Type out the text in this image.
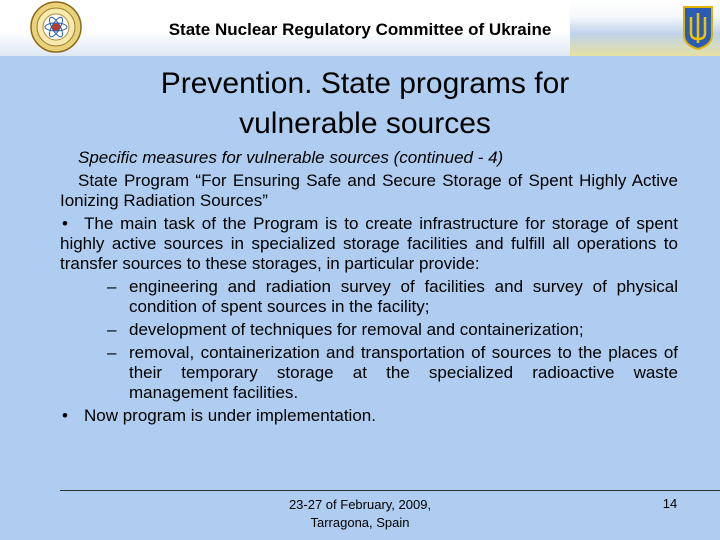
State Nuclear Regulatory Committee of Ukraine
Prevention. State programs for
vulnerable sources

Specific measures for vulnerable sources (continued - 4)

State Program “For Ensuring Safe and Secure Storage of Spent Highly Active Ionizing Radiation Sources”

• The main task of the Program is to create infrastructure for storage of spent highly active sources in specialized storage facilities and fulfill all operations to transfer sources to these storages, in particular provide:

– engineering and radiation survey of facilities and survey of physical condition of spent sources in the facility;

– development of techniques for removal and containerization;

– removal, containerization and transportation of sources to the places of their temporary storage at the specialized radioactive waste management facilities.

• Now program is under implementation.

23-27 of February, 2009,
Tarragona, Spain
14
